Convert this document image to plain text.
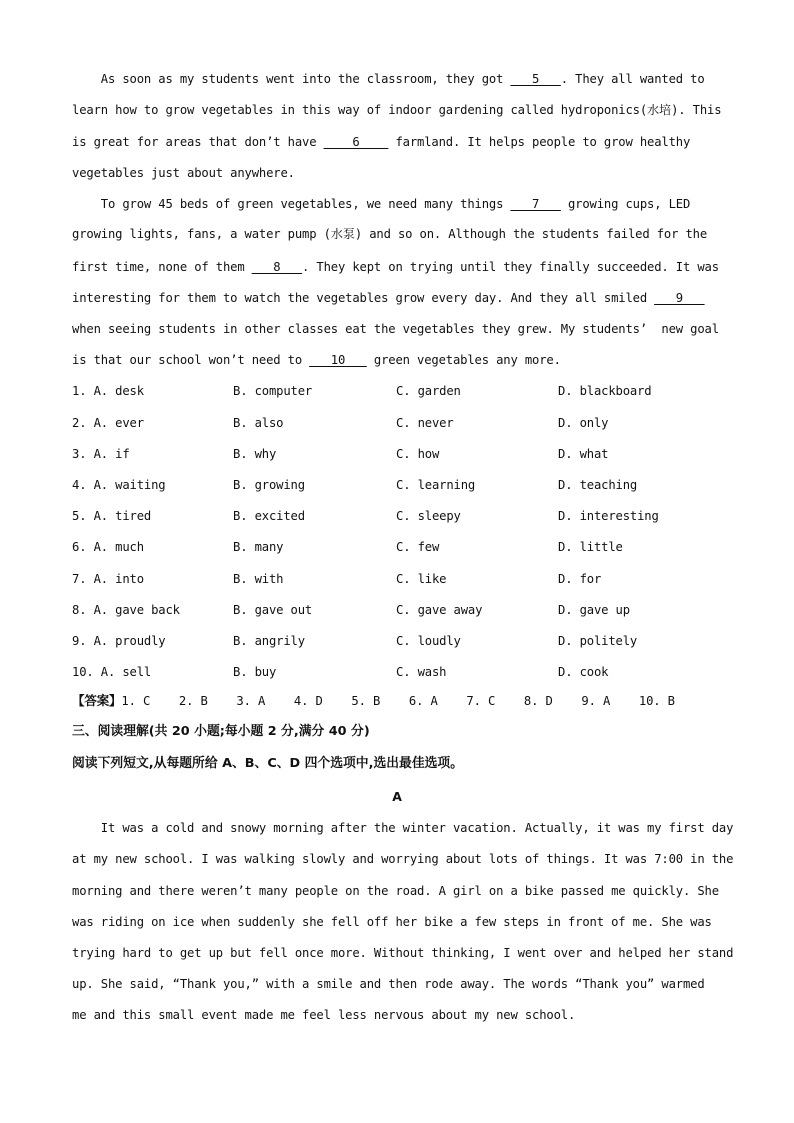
As soon as my students went into the classroom, they got ___5___. They all wanted to

learn how to grow vegetables in this way of indoor gardening called hydroponics(水培). This

is great for areas that don’t have ____6____ farmland. It helps people to grow healthy

vegetables just about anywhere.

To grow 45 beds of green vegetables, we need many things ___7___ growing cups, LED

growing lights, fans, a water pump (水泵) and so on. Although the students failed for the

first time, none of them ___8___. They kept on trying until they finally succeeded. It was

interesting for them to watch the vegetables grow every day. And they all smiled ___9___

when seeing students in other classes eat the vegetables they grew. My students’  new goal

is that our school won’t need to ___10___ green vegetables any more.

1. A. desk	B. computer	C. garden	D. blackboard
2. A. ever	B. also	C. never	D. only
3. A. if	B. why	C. how	D. what
4. A. waiting	B. growing	C. learning	D. teaching
5. A. tired	B. excited	C. sleepy	D. interesting
6. A. much	B. many	C. few	D. little
7. A. into	B. with	C. like	D. for
8. A. gave back	B. gave out	C. gave away	D. gave up
9. A. proudly	B. angrily	C. loudly	D. politely
10. A. sell	B. buy	C. wash	D. cook
【答案】1. C    2. B    3. A    4. D    5. B    6. A    7. C    8. D    9. A    10. B
三、阅读理解(共 20 小题;每小题 2 分,满分 40 分)
阅读下列短文,从每题所给 A、B、C、D 四个选项中,选出最佳选项。
A

It was a cold and snowy morning after the winter vacation. Actually, it was my first day

at my new school. I was walking slowly and worrying about lots of things. It was 7:00 in the

morning and there weren’t many people on the road. A girl on a bike passed me quickly. She

was riding on ice when suddenly she fell off her bike a few steps in front of me. She was

trying hard to get up but fell once more. Without thinking, I went over and helped her stand

up. She said, “Thank you,” with a smile and then rode away. The words “Thank you” warmed

me and this small event made me feel less nervous about my new school.
